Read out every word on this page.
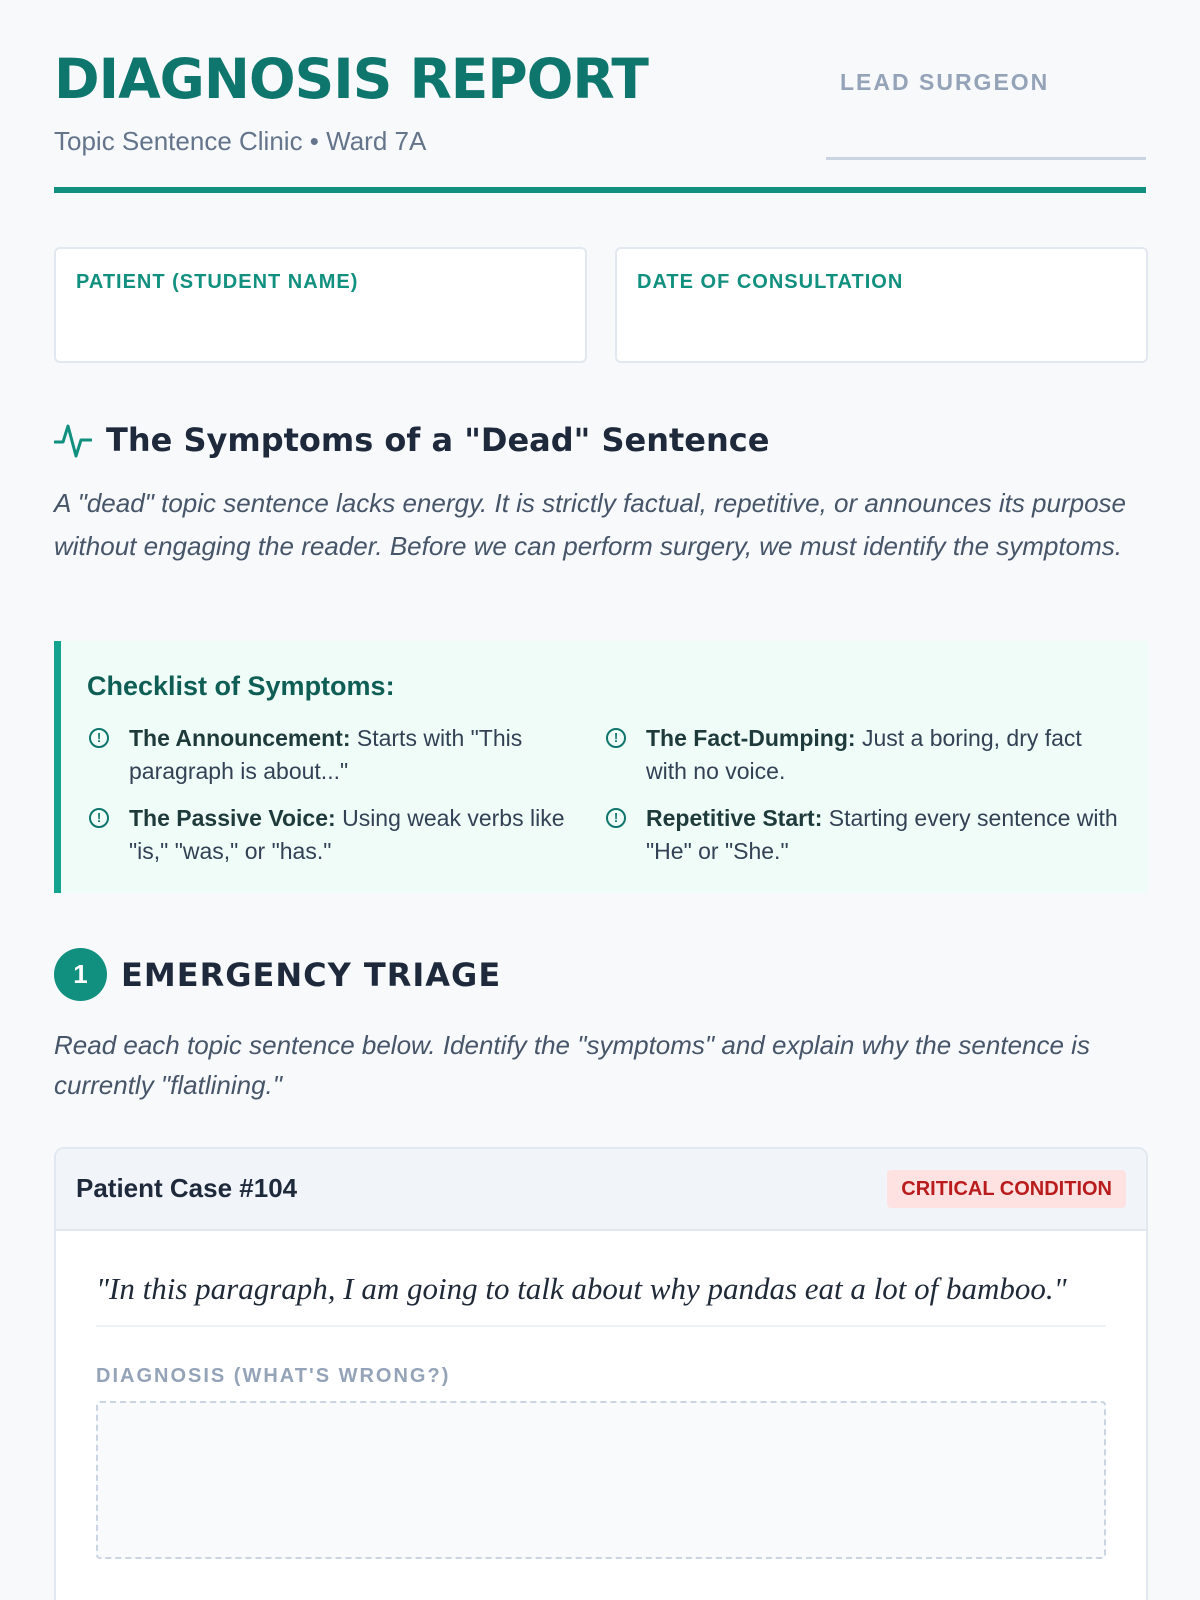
DIAGNOSIS REPORT
Topic Sentence Clinic • Ward 7A
LEAD SURGEON
PATIENT (STUDENT NAME)	DATE OF CONSULTATION
The Symptoms of a "Dead" Sentence

A "dead" topic sentence lacks energy. It is strictly factual, repetitive, or announces its purpose without engaging the reader. Before we can perform surgery, we must identify the symptoms.

Checklist of Symptoms:
!
The Announcement: Starts with "This paragraph is about..."
!
The Fact-Dumping: Just a boring, dry fact with no voice.
!
The Passive Voice: Using weak verbs like "is," "was," or "has."
!
Repetitive Start: Starting every sentence with "He" or "She."
1	EMERGENCY TRIAGE

Read each topic sentence below. Identify the "symptoms" and explain why the sentence is currently "flatlining."

Patient Case #104	CRITICAL CONDITION
"In this paragraph, I am going to talk about why pandas eat a lot of bamboo."
DIAGNOSIS (WHAT'S WRONG?)
